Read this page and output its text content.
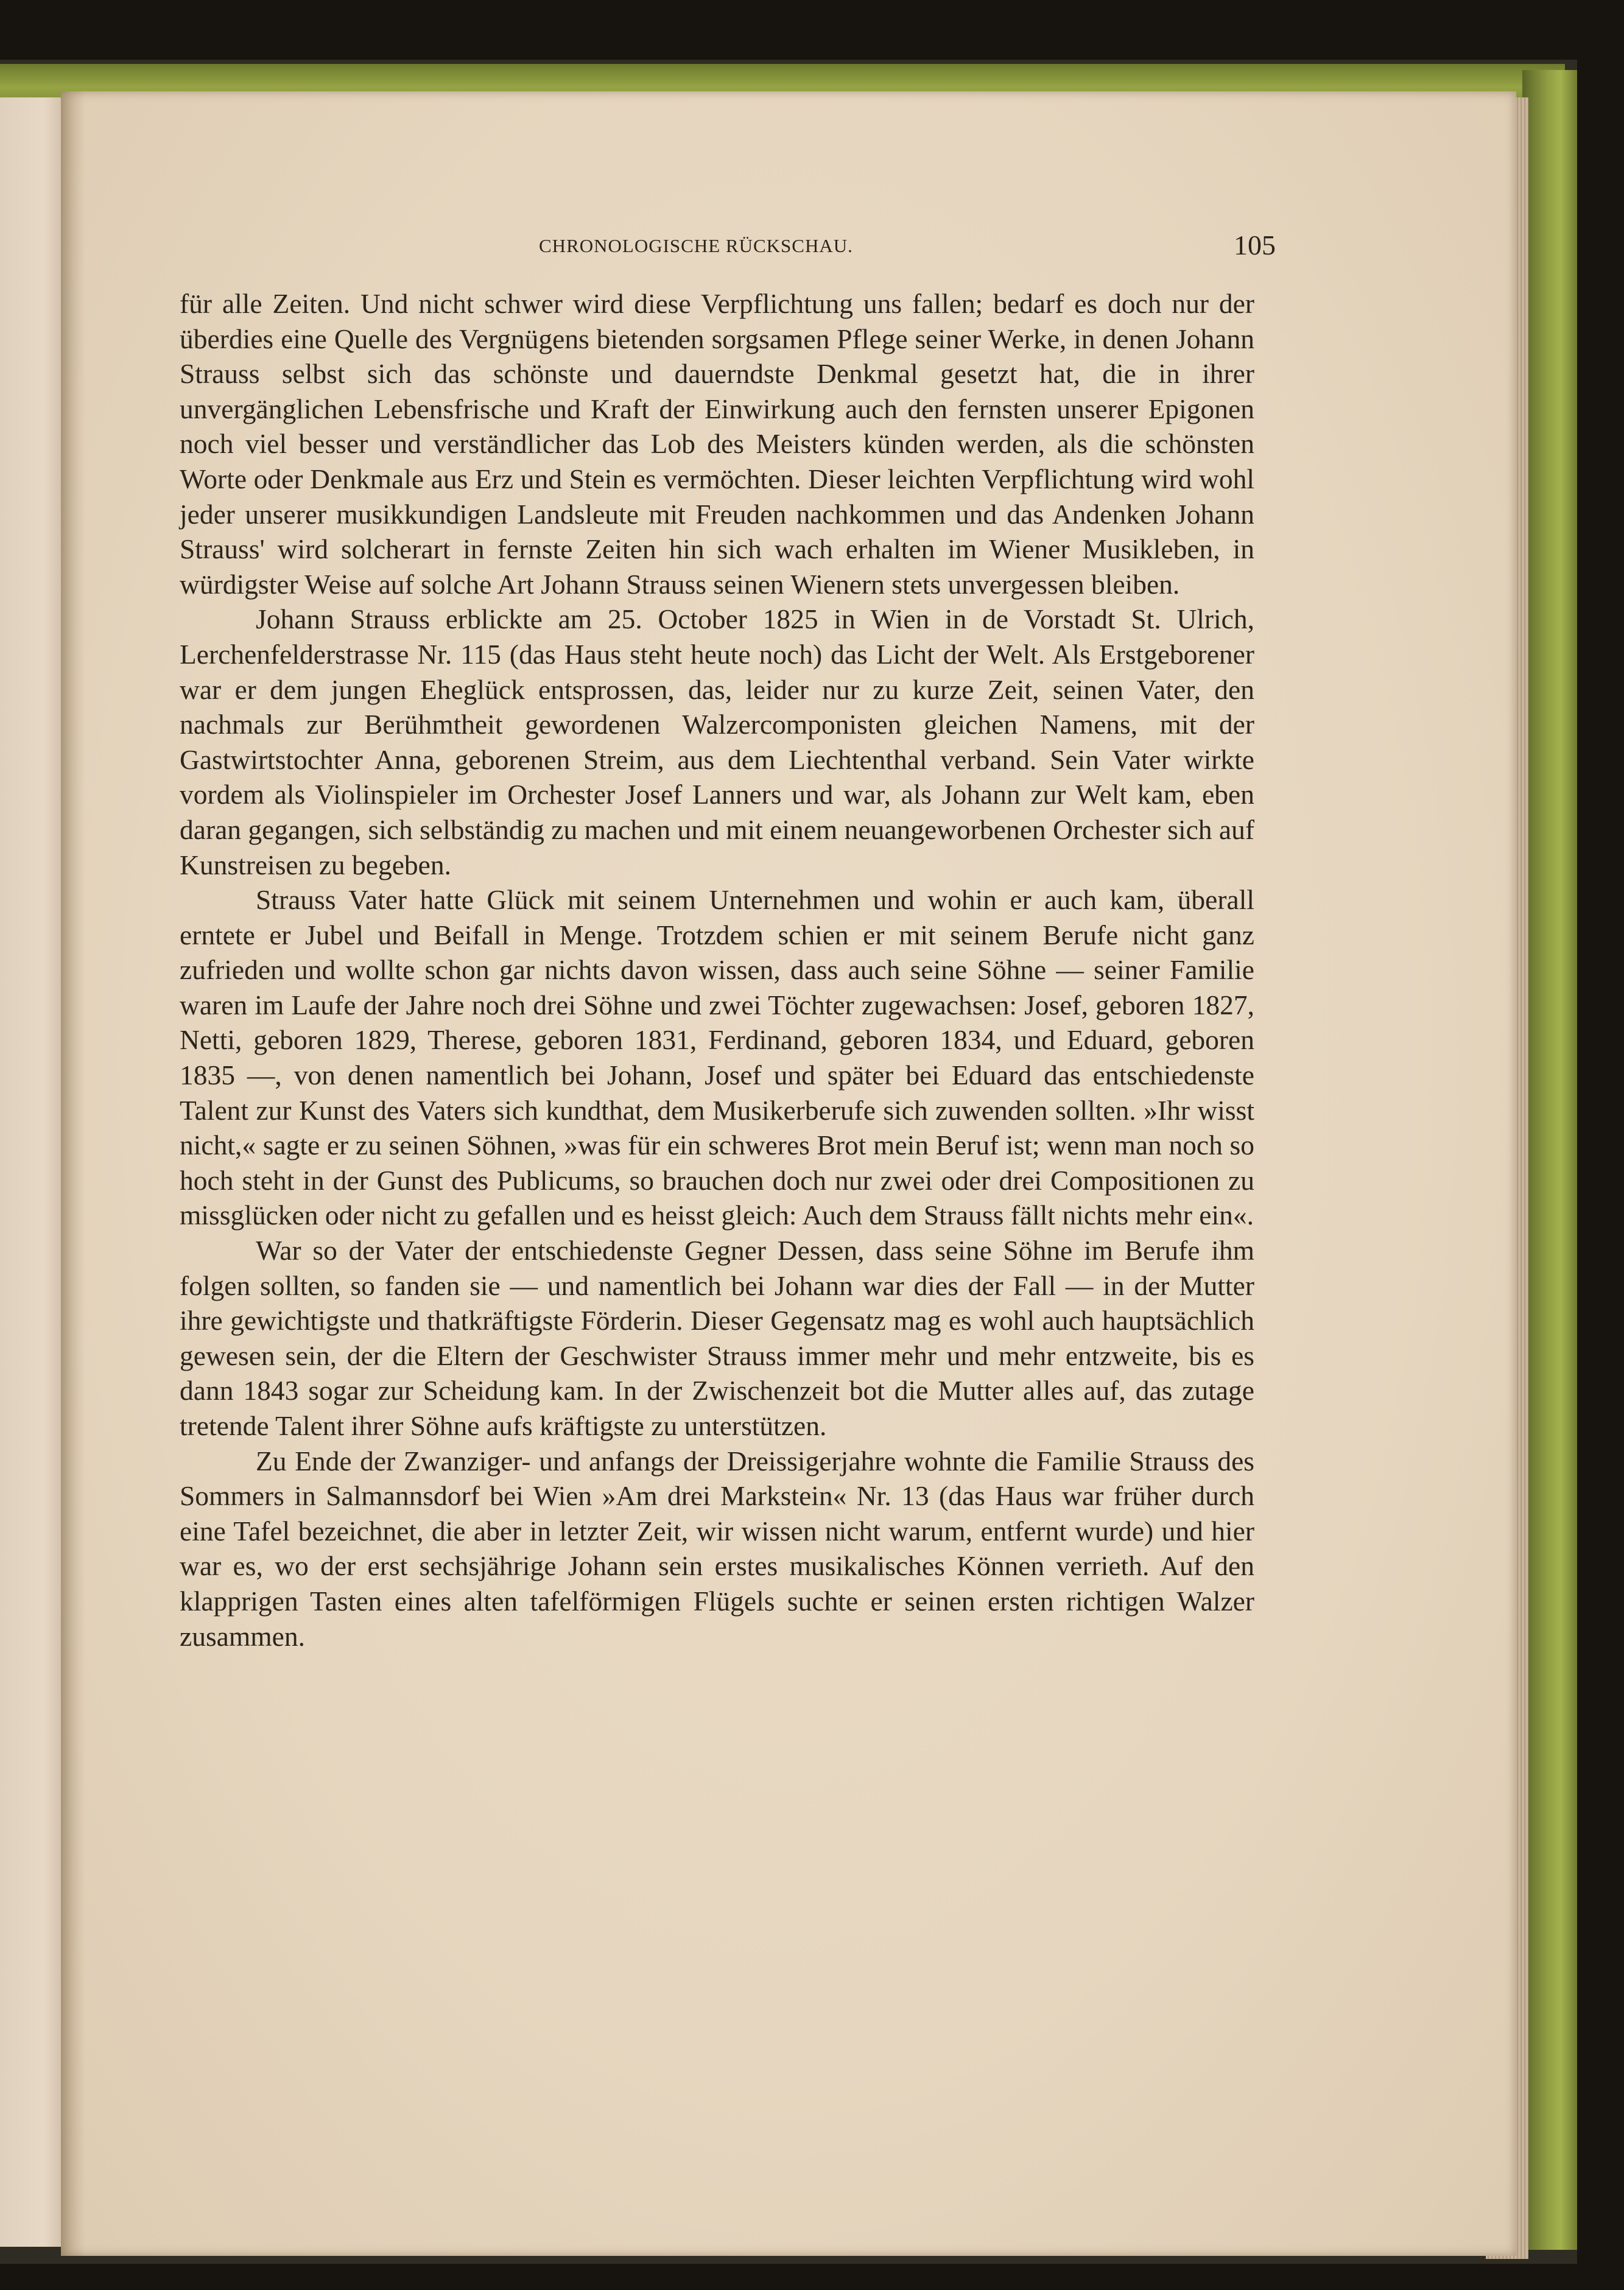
CHRONOLOGISCHE RÜCKSCHAU.	105

für alle Zeiten. Und nicht schwer wird diese Verpflichtung uns fallen; bedarf es doch nur der überdies eine Quelle des Vergnügens bietenden sorgsamen Pflege seiner Werke, in denen Johann Strauss selbst sich das schönste und dauerndste Denkmal gesetzt hat, die in ihrer unvergänglichen Lebensfrische und Kraft der Einwirkung auch den fernsten unserer Epigonen noch viel besser und verständlicher das Lob des Meisters künden werden, als die schönsten Worte oder Denkmale aus Erz und Stein es vermöchten. Dieser leichten Verpflichtung wird wohl jeder unserer musikkundigen Landsleute mit Freuden nachkommen und das Andenken Johann Strauss' wird solcherart in fernste Zeiten hin sich wach erhalten im Wiener Musikleben, in würdigster Weise auf solche Art Johann Strauss seinen Wienern stets unvergessen bleiben.

Johann Strauss erblickte am 25. October 1825 in Wien in de Vorstadt St. Ulrich, Lerchenfelderstrasse Nr. 115 (das Haus steht heute noch) das Licht der Welt. Als Erstgeborener war er dem jungen Eheglück entsprossen, das, leider nur zu kurze Zeit, seinen Vater, den nachmals zur Berühmtheit gewordenen Walzercomponisten gleichen Namens, mit der Gastwirtstochter Anna, geborenen Streim, aus dem Liechtenthal verband. Sein Vater wirkte vordem als Violinspieler im Orchester Josef Lanners und war, als Johann zur Welt kam, eben daran gegangen, sich selbständig zu machen und mit einem neuangeworbenen Orchester sich auf Kunstreisen zu begeben.

Strauss Vater hatte Glück mit seinem Unternehmen und wohin er auch kam, überall erntete er Jubel und Beifall in Menge. Trotzdem schien er mit seinem Berufe nicht ganz zufrieden und wollte schon gar nichts davon wissen, dass auch seine Söhne — seiner Familie waren im Laufe der Jahre noch drei Söhne und zwei Töchter zugewachsen: Josef, geboren 1827, Netti, geboren 1829, Therese, geboren 1831, Ferdinand, geboren 1834, und Eduard, geboren 1835 —, von denen namentlich bei Johann, Josef und später bei Eduard das entschiedenste Talent zur Kunst des Vaters sich kundthat, dem Musikerberufe sich zuwenden sollten. »Ihr wisst nicht,« sagte er zu seinen Söhnen, »was für ein schweres Brot mein Beruf ist; wenn man noch so hoch steht in der Gunst des Publicums, so brauchen doch nur zwei oder drei Compositionen zu missglücken oder nicht zu gefallen und es heisst gleich: Auch dem Strauss fällt nichts mehr ein«.

War so der Vater der entschiedenste Gegner Dessen, dass seine Söhne im Berufe ihm folgen sollten, so fanden sie — und namentlich bei Johann war dies der Fall — in der Mutter ihre gewichtigste und thatkräftigste Förderin. Dieser Gegensatz mag es wohl auch hauptsächlich gewesen sein, der die Eltern der Geschwister Strauss immer mehr und mehr entzweite, bis es dann 1843 sogar zur Scheidung kam. In der Zwischenzeit bot die Mutter alles auf, das zutage tretende Talent ihrer Söhne aufs kräftigste zu unterstützen.

Zu Ende der Zwanziger- und anfangs der Dreissigerjahre wohnte die Familie Strauss des Sommers in Salmannsdorf bei Wien »Am drei Markstein« Nr. 13 (das Haus war früher durch eine Tafel bezeichnet, die aber in letzter Zeit, wir wissen nicht warum, entfernt wurde) und hier war es, wo der erst sechsjährige Johann sein erstes musikalisches Können verrieth. Auf den klapprigen Tasten eines alten tafelförmigen Flügels suchte er seinen ersten richtigen Walzer zusammen.
